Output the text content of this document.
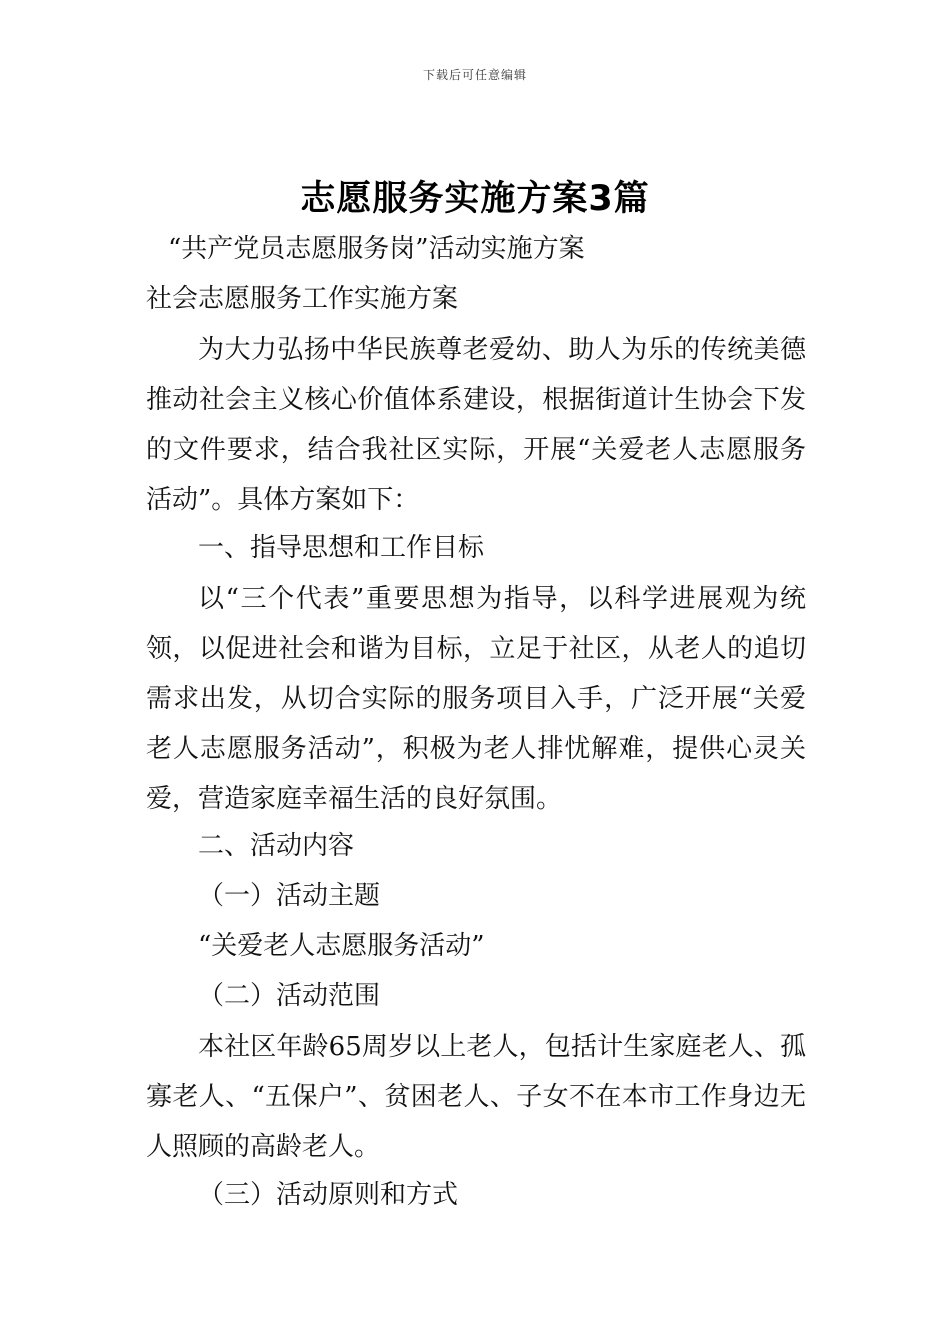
下载后可任意编辑
志愿服务实施方案3篇

“共产党员志愿服务岗”活动实施方案

社会志愿服务工作实施方案

为大力弘扬中华民族尊老爱幼、助人为乐的传统美德推动社会主义核心价值体系建设，根据街道计生协会下发的文件要求，结合我社区实际，开展“关爱老人志愿服务活动”。具体方案如下：

一、指导思想和工作目标

以“三个代表”重要思想为指导，以科学进展观为统领，以促进社会和谐为目标，立足于社区，从老人的追切需求出发，从切合实际的服务项目入手，广泛开展“关爱老人志愿服务活动”，积极为老人排忧解难，提供心灵关爱，营造家庭幸福生活的良好氛围。

二、活动内容

（一）活动主题

“关爱老人志愿服务活动”

（二）活动范围

本社区年龄65周岁以上老人，包括计生家庭老人、孤寡老人、“五保户”、贫困老人、子女不在本市工作身边无人照顾的高龄老人。

（三）活动原则和方式
